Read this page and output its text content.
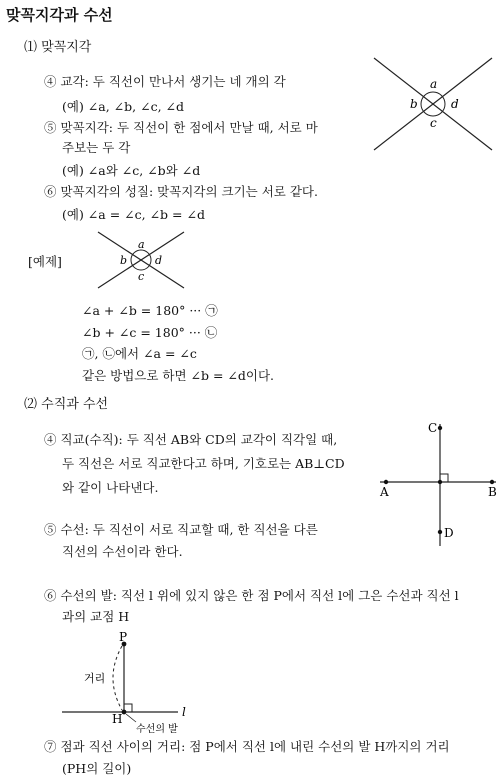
맞꼭지각과 수선
⑴ 맞꼭지각
④ 교각: 두 직선이 만나서 생기는 네 개의 각
(예) ∠a, ∠b, ∠c, ∠d
⑤ 맞꼭지각: 두 직선이 한 점에서 만날 때, 서로 마
주보는 두 각
(예) ∠a와 ∠c, ∠b와 ∠d
⑥ 맞꼭지각의 성질: 맞꼭지각의 크기는 서로 같다.
(예) ∠a = ∠c, ∠b = ∠d
a
b	d
c
[예제]
a
b	d
c
∠a + ∠b = 180° ··· ㉠
∠b + ∠c = 180° ··· ㉡
㉠, ㉡에서 ∠a = ∠c
같은 방법으로 하면 ∠b = ∠d이다.
⑵ 수직과 수선
④ 직교(수직): 두 직선 AB와 CD의 교각이 직각일 때,
두 직선은 서로 직교한다고 하며, 기호로는 AB⊥CD
와 같이 나타낸다.
⑤ 수선: 두 직선이 서로 직교할 때, 한 직선을 다른
직선의 수선이라 한다.
A	B
C
D
⑥ 수선의 발: 직선 l 위에 있지 않은 한 점 P에서 직선 l에 그은 수선과 직선 l
과의 교점 H
P
H	l
거리
수선의 발
⑦ 점과 직선 사이의 거리: 점 P에서 직선 l에 내린 수선의 발 H까지의 거리
(PH의 길이)
